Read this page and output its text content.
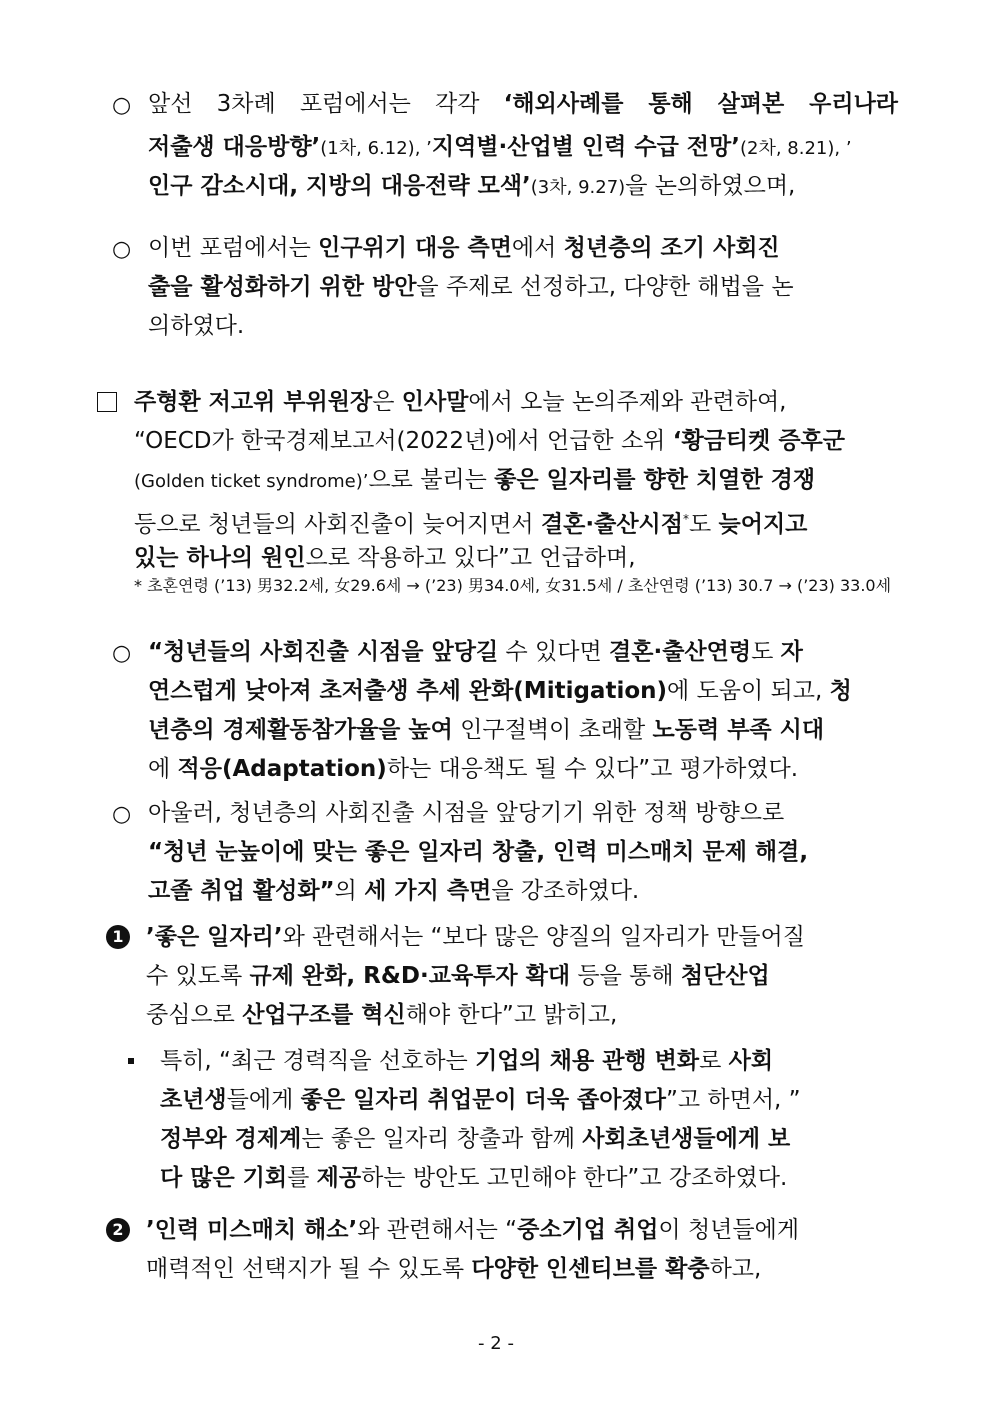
○ 앞선 3차례 포럼에서는 각각 ‘해외사례를 통해 살펴본 우리나라
저출생 대응방향’(1차, 6.12), ’지역별·산업별 인력 수급 전망’(2차, 8.21), ’
인구 감소시대, 지방의 대응전략 모색’(3차, 9.27)을 논의하였으며,
○ 이번 포럼에서는 인구위기 대응 측면에서 청년층의 조기 사회진
출을 활성화하기 위한 방안을 주제로 선정하고, 다양한 해법을 논
의하였다.
주형환 저고위 부위원장은 인사말에서 오늘 논의주제와 관련하여,
“OECD가 한국경제보고서(2022년)에서 언급한 소위 ‘황금티켓 증후군
(Golden ticket syndrome)’으로 불리는 좋은 일자리를 향한 치열한 경쟁
등으로 청년들의 사회진출이 늦어지면서 결혼·출산시점*도 늦어지고
있는 하나의 원인으로 작용하고 있다”고 언급하며,
* 초혼연령 (’13) 男32.2세, 女29.6세 → (’23) 男34.0세, 女31.5세 / 초산연령 (’13) 30.7 → (’23) 33.0세
○ “청년들의 사회진출 시점을 앞당길 수 있다면 결혼·출산연령도 자
연스럽게 낮아져 초저출생 추세 완화(Mitigation)에 도움이 되고, 청
년층의 경제활동참가율을 높여 인구절벽이 초래할 노동력 부족 시대
에 적응(Adaptation)하는 대응책도 될 수 있다”고 평가하였다.
○ 아울러, 청년층의 사회진출 시점을 앞당기기 위한 정책 방향으로
“청년 눈높이에 맞는 좋은 일자리 창출, 인력 미스매치 문제 해결,
고졸 취업 활성화”의 세 가지 측면을 강조하였다.
1 ’좋은 일자리’와 관련해서는 “보다 많은 양질의 일자리가 만들어질
수 있도록 규제 완화, R&D·교육투자 확대 등을 통해 첨단산업
중심으로 산업구조를 혁신해야 한다”고 밝히고,
특히, “최근 경력직을 선호하는 기업의 채용 관행 변화로 사회
초년생들에게 좋은 일자리 취업문이 더욱 좁아졌다”고 하면서, ”
정부와 경제계는 좋은 일자리 창출과 함께 사회초년생들에게 보
다 많은 기회를 제공하는 방안도 고민해야 한다”고 강조하였다.
2 ’인력 미스매치 해소’와 관련해서는 “중소기업 취업이 청년들에게
매력적인 선택지가 될 수 있도록 다양한 인센티브를 확충하고,
- 2 -
